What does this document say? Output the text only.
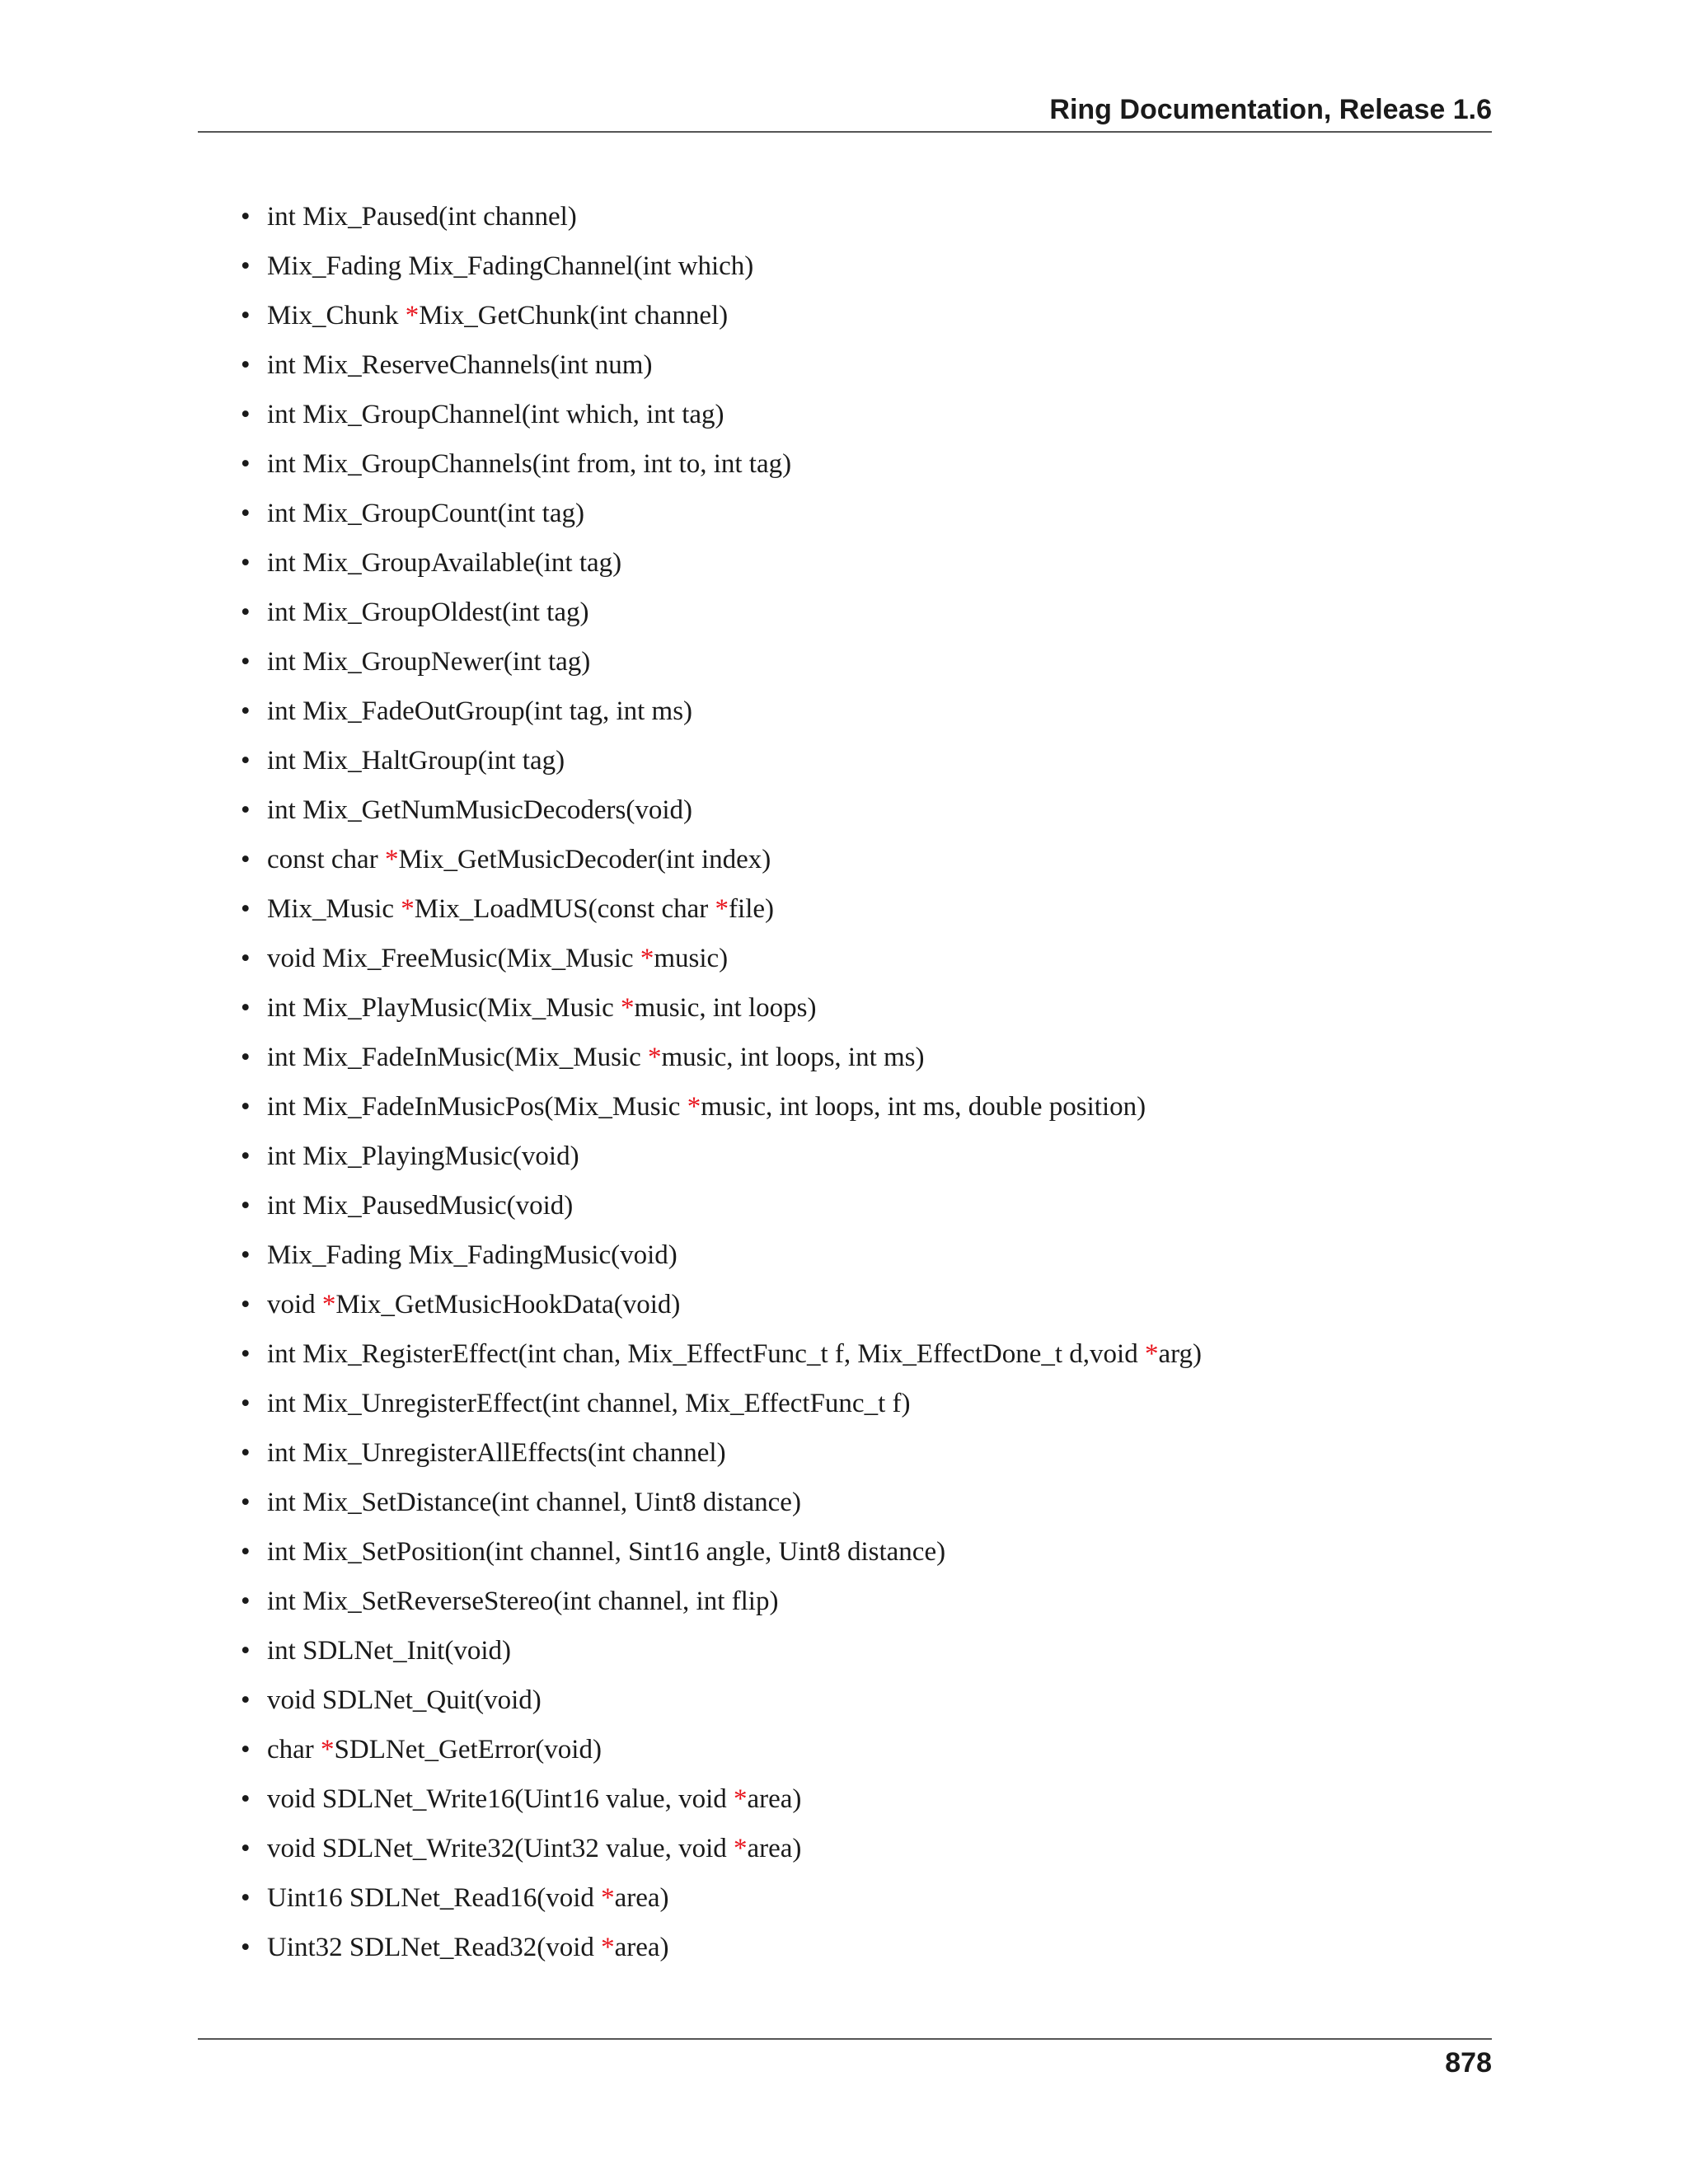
Ring Documentation, Release 1.6
• int Mix_Paused(int channel)
• Mix_Fading Mix_FadingChannel(int which)
• Mix_Chunk *Mix_GetChunk(int channel)
• int Mix_ReserveChannels(int num)
• int Mix_GroupChannel(int which, int tag)
• int Mix_GroupChannels(int from, int to, int tag)
• int Mix_GroupCount(int tag)
• int Mix_GroupAvailable(int tag)
• int Mix_GroupOldest(int tag)
• int Mix_GroupNewer(int tag)
• int Mix_FadeOutGroup(int tag, int ms)
• int Mix_HaltGroup(int tag)
• int Mix_GetNumMusicDecoders(void)
• const char *Mix_GetMusicDecoder(int index)
• Mix_Music *Mix_LoadMUS(const char *file)
• void Mix_FreeMusic(Mix_Music *music)
• int Mix_PlayMusic(Mix_Music *music, int loops)
• int Mix_FadeInMusic(Mix_Music *music, int loops, int ms)
• int Mix_FadeInMusicPos(Mix_Music *music, int loops, int ms, double position)
• int Mix_PlayingMusic(void)
• int Mix_PausedMusic(void)
• Mix_Fading Mix_FadingMusic(void)
• void *Mix_GetMusicHookData(void)
• int Mix_RegisterEffect(int chan, Mix_EffectFunc_t f, Mix_EffectDone_t d,void *arg)
• int Mix_UnregisterEffect(int channel, Mix_EffectFunc_t f)
• int Mix_UnregisterAllEffects(int channel)
• int Mix_SetDistance(int channel, Uint8 distance)
• int Mix_SetPosition(int channel, Sint16 angle, Uint8 distance)
• int Mix_SetReverseStereo(int channel, int flip)
• int SDLNet_Init(void)
• void SDLNet_Quit(void)
• char *SDLNet_GetError(void)
• void SDLNet_Write16(Uint16 value, void *area)
• void SDLNet_Write32(Uint32 value, void *area)
• Uint16 SDLNet_Read16(void *area)
• Uint32 SDLNet_Read32(void *area)
878
